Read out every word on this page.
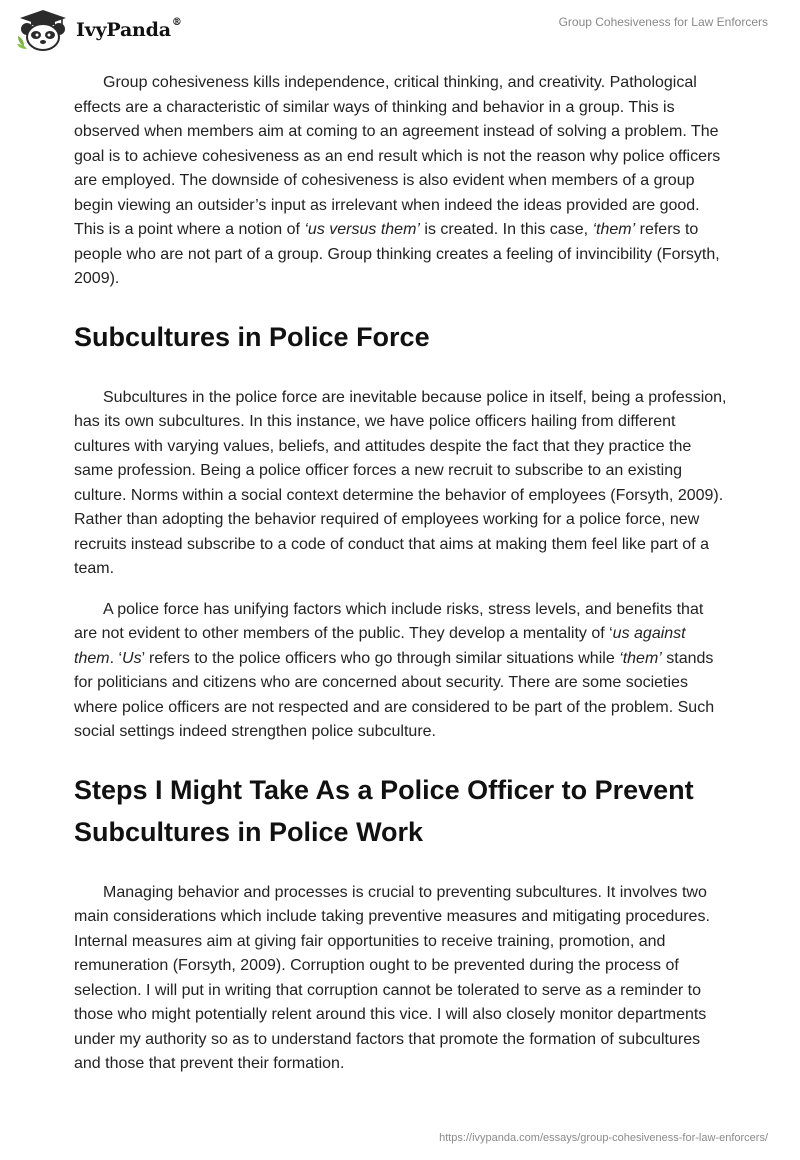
IvyPanda®	Group Cohesiveness for Law Enforcers

Group cohesiveness kills independence, critical thinking, and creativity. Pathological effects are a characteristic of similar ways of thinking and behavior in a group. This is observed when members aim at coming to an agreement instead of solving a problem. The goal is to achieve cohesiveness as an end result which is not the reason why police officers are employed. The downside of cohesiveness is also evident when members of a group begin viewing an outsider’s input as irrelevant when indeed the ideas provided are good. This is a point where a notion of ‘us versus them’ is created. In this case, ‘them’ refers to people who are not part of a group. Group thinking creates a feeling of invincibility (Forsyth, 2009).

Subcultures in Police Force

Subcultures in the police force are inevitable because police in itself, being a profession, has its own subcultures. In this instance, we have police officers hailing from different cultures with varying values, beliefs, and attitudes despite the fact that they practice the same profession. Being a police officer forces a new recruit to subscribe to an existing culture. Norms within a social context determine the behavior of employees (Forsyth, 2009). Rather than adopting the behavior required of employees working for a police force, new recruits instead subscribe to a code of conduct that aims at making them feel like part of a team.

A police force has unifying factors which include risks, stress levels, and benefits that are not evident to other members of the public. They develop a mentality of ‘us against them. ‘Us’ refers to the police officers who go through similar situations while ‘them’ stands for politicians and citizens who are concerned about security. There are some societies where police officers are not respected and are considered to be part of the problem. Such social settings indeed strengthen police subculture.

Steps I Might Take As a Police Officer to Prevent Subcultures in Police Work

Managing behavior and processes is crucial to preventing subcultures. It involves two main considerations which include taking preventive measures and mitigating procedures. Internal measures aim at giving fair opportunities to receive training, promotion, and remuneration (Forsyth, 2009). Corruption ought to be prevented during the process of selection. I will put in writing that corruption cannot be tolerated to serve as a reminder to those who might potentially relent around this vice. I will also closely monitor departments under my authority so as to understand factors that promote the formation of subcultures and those that prevent their formation.

https://ivypanda.com/essays/group-cohesiveness-for-law-enforcers/
